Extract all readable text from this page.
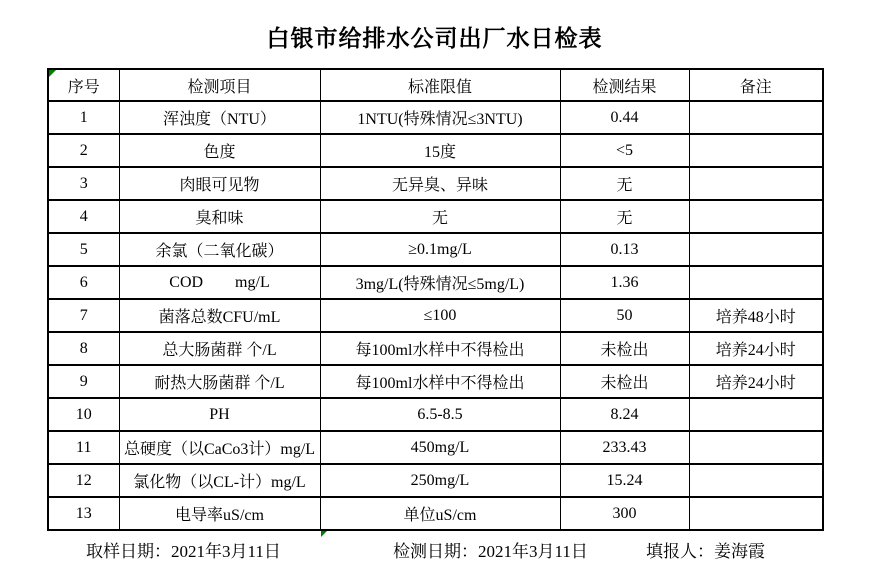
白银市给排水公司出厂水日检表
序号	检测项目	标准限值	检测结果	备注
1	浑浊度（NTU）	1NTU(特殊情况≤3NTU)	0.44	
2	色度	15度	<5	
3	肉眼可见物	无异臭、异味	无	
4	臭和味	无	无	
5	余氯（二氧化碳）	≥0.1mg/L	0.13	
6	COD        mg/L	3mg/L(特殊情况≤5mg/L)	1.36	
7	菌落总数CFU/mL	≤100	50	培养48小时
8	总大肠菌群 个/L	每100ml水样中不得检出	未检出	培养24小时
9	耐热大肠菌群 个/L	每100ml水样中不得检出	未检出	培养24小时
10	PH	6.5-8.5	8.24	
11	总硬度（以CaCo3计）mg/L	450mg/L	233.43	
12	氯化物（以CL-计）mg/L	250mg/L	15.24	
13	电导率uS/cm	单位uS/cm	300	
取样日期：2021年3月11日	检测日期：2021年3月11日	填报人：姜海霞
